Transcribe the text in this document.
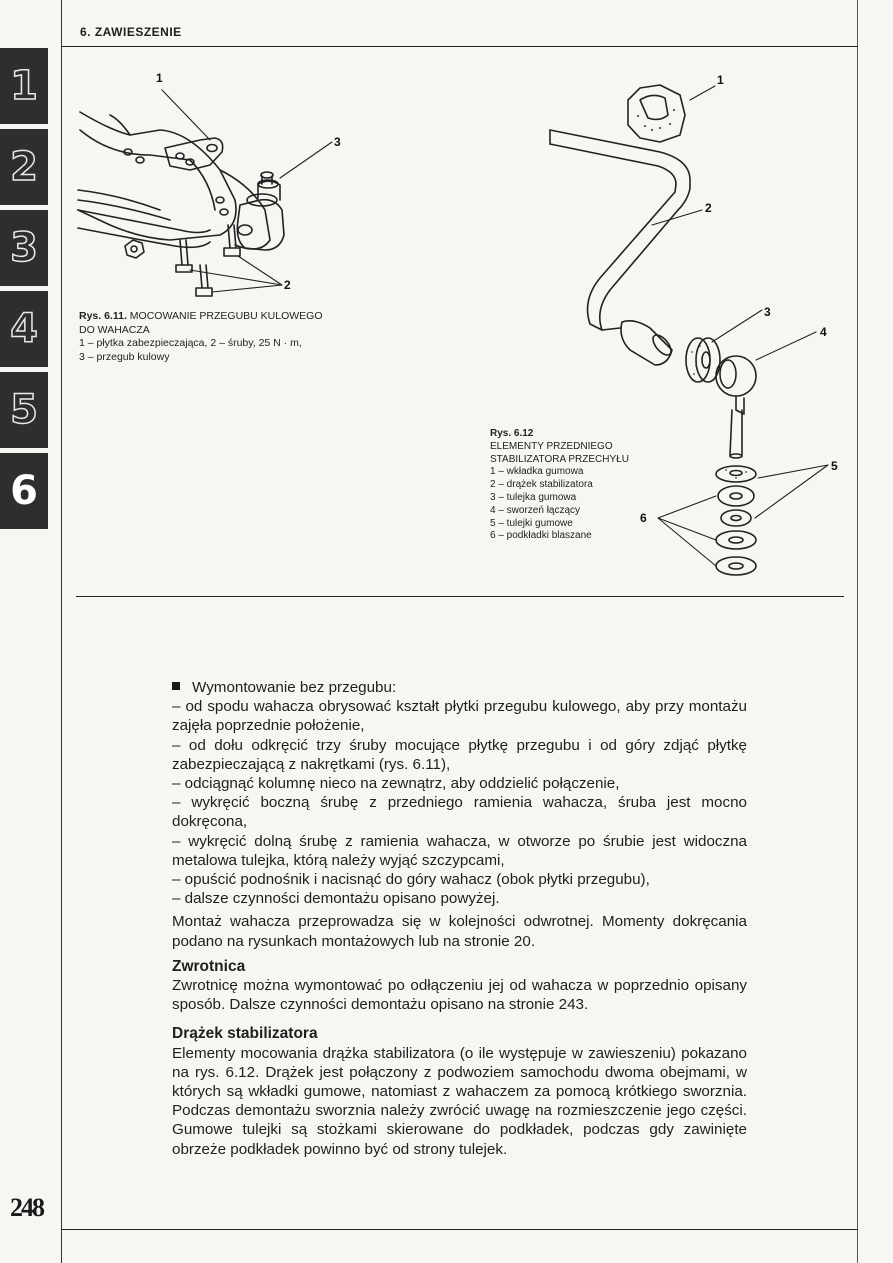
6. ZAWIESZENIE
1
2
3
4
5
6
248
1
3
2
Rys. 6.11. MOCOWANIE PRZEGUBU KULOWEGO
DO WAHACZA
1 – płytka zabezpieczająca, 2 – śruby, 25 N · m,
3 – przegub kulowy
1
2
3
4
5
6
Rys. 6.12
ELEMENTY PRZEDNIEGO
STABILIZATORA PRZECHYŁU
1 – wkładka gumowa
2 – drążek stabilizatora
3 – tulejka gumowa
4 – sworzeń łączący
5 – tulejki gumowe
6 – podkładki blaszane

Wymontowanie bez przegubu:

– od spodu wahacza obrysować kształt płytki przegubu kulowego, aby przy montażu zajęła poprzednie położenie,

– od dołu odkręcić trzy śruby mocujące płytkę przegubu i od góry zdjąć płytkę zabezpieczającą z nakrętkami (rys. 6.11),

– odciągnąć kolumnę nieco na zewnątrz, aby oddzielić połączenie,

– wykręcić boczną śrubę z przedniego ramienia wahacza, śruba jest mocno dokręcona,

– wykręcić dolną śrubę z ramienia wahacza, w otworze po śrubie jest widoczna metalowa tulejka, którą należy wyjąć szczypcami,

– opuścić podnośnik i nacisnąć do góry wahacz (obok płytki przegubu),

– dalsze czynności demontażu opisano powyżej.

Montaż wahacza przeprowadza się w kolejności odwrotnej. Momenty dokręcania podano na rysunkach montażowych lub na stronie 20.

Zwrotnica

Zwrotnicę można wymontować po odłączeniu jej od wahacza w poprzednio opisany sposób. Dalsze czynności demontażu opisano na stronie 243.

Drążek stabilizatora

Elementy mocowania drążka stabilizatora (o ile występuje w zawieszeniu) pokazano na rys. 6.12. Drążek jest połączony z podwoziem samochodu dwoma obejmami, w których są wkładki gumowe, natomiast z wahaczem za pomocą krótkiego sworznia. Podczas demontażu sworznia należy zwrócić uwagę na rozmieszczenie jego części. Gumowe tulejki są stożkami skierowane do podkładek, podczas gdy zawinięte obrzeże podkładek powinno być od strony tulejek.
